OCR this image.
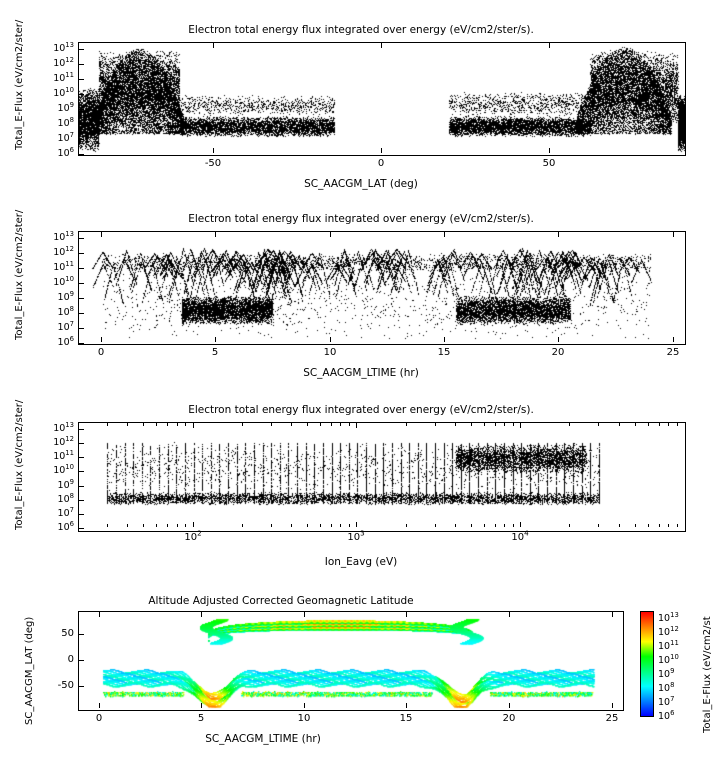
Electron total energy flux integrated over energy (eV/cm2/ster/s).
Total_E-Flux (eV/cm2/ster/
SC_AACGM_LAT (deg)
$10^6$
$10^7$
$10^8$
$10^9$
$10^{10}$
$10^{11}$
$10^{12}$
$10^{13}$
-50	0	50
Electron total energy flux integrated over energy (eV/cm2/ster/s).
Total_E-Flux (eV/cm2/ster/
SC_AACGM_LTIME (hr)
$10^6$
$10^7$
$10^8$
$10^9$
$10^{10}$
$10^{11}$
$10^{12}$
$10^{13}$
0	5	10	15	20	25
Electron total energy flux integrated over energy (eV/cm2/ster/s).
Total_E-Flux (eV/cm2/ster/
Ion_Eavg (eV)
$10^6$
$10^7$
$10^8$
$10^9$
$10^{10}$
$10^{11}$
$10^{12}$
$10^{13}$
$10^2$	$10^3$	$10^4$
Altitude Adjusted Corrected Geomagnetic Latitude
SC_AACGM_LAT (deg)
SC_AACGM_LTIME (hr)
Total_E-Flux (eV/cm2/st
$10^6$
$10^7$
$10^8$
$10^9$
$10^{10}$
$10^{11}$
$10^{12}$
$10^{13}$
-50
0
50
0	5	10	15	20	25
